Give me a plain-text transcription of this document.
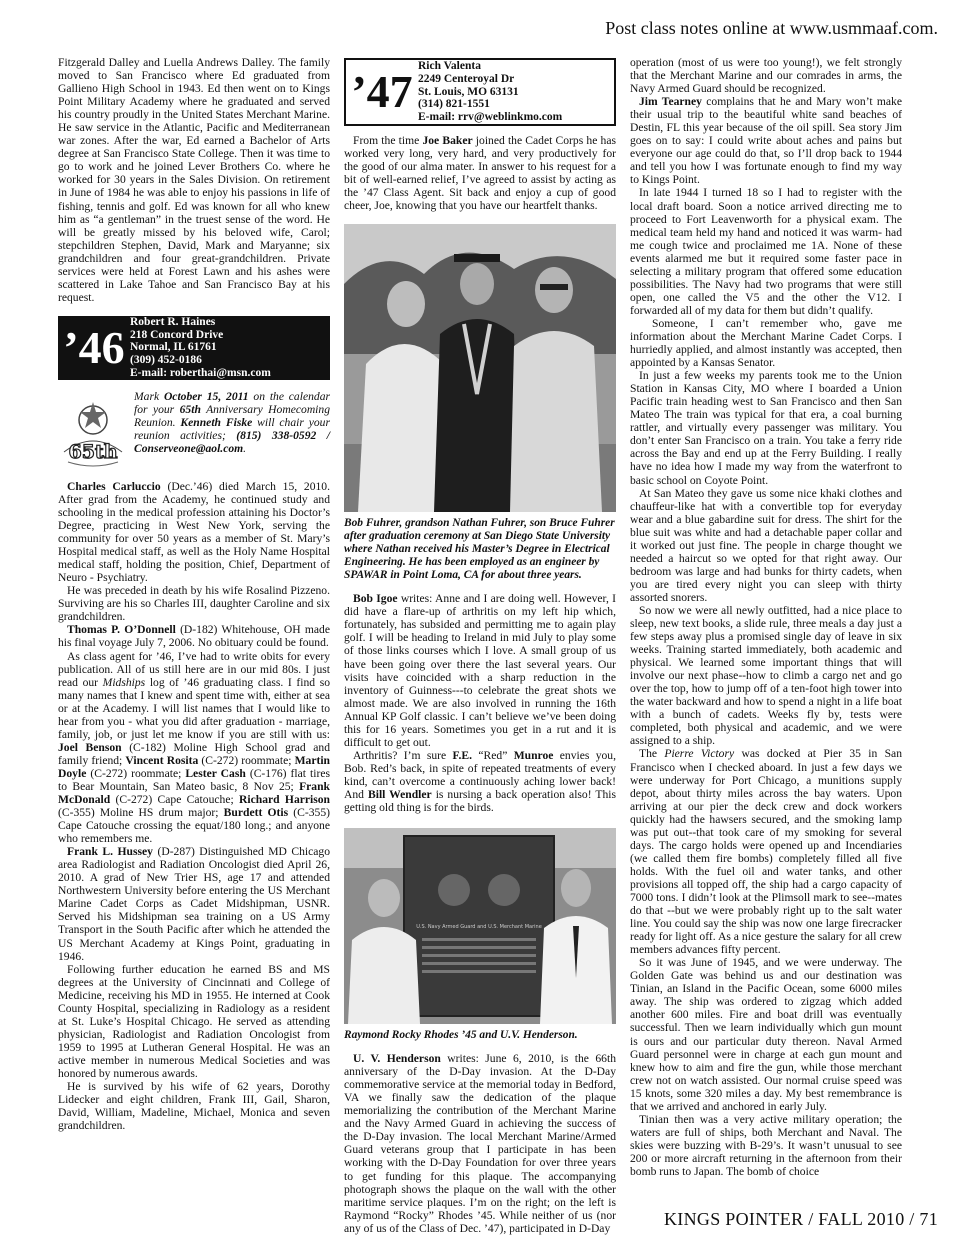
Post class notes online at www.usmmaaf.com.

Fitzgerald Dalley and Luella Andrews Dalley. The family moved to San Francisco where Ed graduated from Gallieno High School in 1943. Ed then went on to Kings Point Military Academy where he graduated and served his country proudly in the United States Merchant Marine. He saw service in the Atlantic, Pacific and Mediterranean war zones. After the war, Ed earned a Bachelor of Arts degree at San Francisco State College. Then it was time to go to work and he joined Lever Brothers Co. where he worked for 30 years in the Sales Division. On retirement in June of 1984 he was able to enjoy his passions in life of fishing, tennis and golf. Ed was known for all who knew him as “a gentleman” in the truest sense of the word. He will be greatly missed by his beloved wife, Carol; stepchildren Stephen, David, Mark and Maryanne; six grandchildren and four great-grandchildren. Private services were held at Forest Lawn and his ashes were scattered in Lake Tahoe and San Francisco Bay at his request.

’46 Robert R. Haines
218 Concord Drive
Normal, IL 61761
(309) 452-0186
E-mail: roberthai@msn.com
65th
Mark October 15, 2011 on the calendar for your 65th Anniversary Homecoming Reunion. Kenneth Fiske will chair your reunion activities; (815) 338-0592 / Conserveone@aol.com.

Charles Carluccio (Dec.’46) died March 15, 2010. After grad from the Academy, he continued study and schooling in the medical profession attaining his Doctor’s Degree, practicing in West New York, serving the community for over 50 years as a member of St. Mary’s Hospital medical staff, as well as the Holy Name Hospital medical staff, holding the position, Chief, Department of Neuro - Psychiatry.

He was preceded in death by his wife Rosalind Pizzeno. Surviving are his so Charles III, daughter Caroline and six grandchildren.

Thomas P. O’Donnell (D-182) Whitehouse, OH made his final voyage July 7, 2006. No obituary could be found.

As class agent for ’46, I’ve had to write obits for every publication. All of us still here are in our mid 80s. I just read our Midships log of ’46 graduating class. I find so many names that I knew and spent time with, either at sea or at the Academy. I will list names that I would like to hear from you - what you did after graduation - marriage, family, job, or just let me know if you are still with us: Joel Benson (C-182) Moline High School grad and family friend; Vincent Rosita (C-272) roommate; Martin Doyle (C-272) roommate; Lester Cash (C-176) flat tires to Bear Mountain, San Mateo basic, 8 Nov 25; Frank McDonald (C-272) Cape Catouche; Richard Harrison (C-355) Moline HS drum major; Burdett Otis (C-355) Cape Catouche crossing the equat/180 long.; and anyone who remembers me.

Frank L. Hussey (D-287) Distinguished MD Chicago area Radiologist and Radiation Oncologist died April 26, 2010. A grad of New Trier HS, age 17 and attended Northwestern University before entering the US Merchant Marine Cadet Corps as Cadet Midshipman, USNR. Served his Midshipman sea training on a US Army Transport in the South Pacific after which he attended the US Merchant Academy at Kings Point, graduating in 1946.

Following further education he earned BS and MS degrees at the University of Cincinnati and College of Medicine, receiving his MD in 1955. He interned at Cook County Hospital, specializing in Radiology as a resident at St. Luke’s Hospital Chicago. He served as attending physician, Radiologist and Radiation Oncologist from 1959 to 1995 at Lutheran General Hospital. He was an active member in numerous Medical Societies and was honored by numerous awards.

He is survived by his wife of 62 years, Dorothy Lidecker and eight children, Frank III, Gail, Sharon, David, William, Madeline, Michael, Monica and seven grandchildren.

’47 Rich Valenta
2249 Centeroyal Dr
St. Louis, MO 63131
(314) 821-1551
E-mail: rrv@weblinkmo.com

From the time Joe Baker joined the Cadet Corps he has worked very long, very hard, and very productively for the good of our alma mater. In answer to his request for a bit of well-earned relief, I’ve agreed to assist by acting as the ’47 Class Agent. Sit back and enjoy a cup of good cheer, Joe, knowing that you have our heartfelt thanks.

Bob Fuhrer, grandson Nathan Fuhrer, son Bruce Fuhrer after graduation ceremony at San Diego State University where Nathan received his Master’s Degree in Electrical Engineering. He has been employed as an engineer by SPAWAR in Point Loma, CA for about three years.

Bob Igoe writes: Anne and I are doing well. However, I did have a flare-up of arthritis on my left hip which, fortunately, has subsided and permitting me to again play golf. I will be heading to Ireland in mid July to play some of those links courses which I love. A small group of us have been going over there the last several years. Our visits have coincided with a sharp reduction in the inventory of Guinness---to celebrate the great shots we almost made. We are also involved in running the 16th Annual KP Golf classic. I can’t believe we’ve been doing this for 16 years. Sometimes you get in a rut and it is difficult to get out.

Arthritis? I’m sure F.E. “Red” Munroe envies you, Bob. Red’s back, in spite of repeated treatments of every kind, can’t overcome a continuously aching lower back! And Bill Wendler is nursing a back operation also! This getting old thing is for the birds.

U.S. Navy Armed Guard and U.S. Merchant Marine
Raymond Rocky Rhodes ’45 and U.V. Henderson.

U. V. Henderson writes: June 6, 2010, is the 66th anniversary of the D-Day invasion. At the D-Day commemorative service at the memorial today in Bedford, VA we finally saw the dedication of the plaque memorializing the contribution of the Merchant Marine and the Navy Armed Guard in achieving the success of the D-Day invasion. The local Merchant Marine/Armed Guard veterans group that I participate in has been working with the D-Day Foundation for over three years to get funding for this plaque. The accompanying photograph shows the plaque on the wall with the other maritime service plaques. I’m on the right; on the left is Raymond “Rocky” Rhodes ’45. While neither of us (nor any of us of the Class of Dec. ’47), participated in D-Day

operation (most of us were too young!), we felt strongly that the Merchant Marine and our comrades in arms, the Navy Armed Guard should be recognized.

Jim Tearney complains that he and Mary won’t make their usual trip to the beautiful white sand beaches of Destin, FL this year because of the oil spill. Sea story Jim goes on to say: I could write about aches and pains but everyone our age could do that, so I’ll drop back to 1944 and tell you how I was fortunate enough to find my way to Kings Point.

In late 1944 I turned 18 so I had to register with the local draft board. Soon a notice arrived directing me to proceed to Fort Leavenworth for a physical exam. The medical team held my hand and noticed it was warm- had me cough twice and proclaimed me 1A. None of these events alarmed me but it required some faster pace in selecting a military program that offered some education possibilities. The Navy had two programs that were still open, one called the V5 and the other the V12. I forwarded all of my data for them but didn’t qualify.

Someone, I can’t remember who, gave me information about the Merchant Marine Cadet Corps. I hurriedly applied, and almost instantly was accepted, then appointed by a Kansas Senator.

In just a few weeks my parents took me to the Union Station in Kansas City, MO where I boarded a Union Pacific train heading west to San Francisco and then San Mateo The train was typical for that era, a coal burning rattler, and virtually every passenger was military. You don’t enter San Francisco on a train. You take a ferry ride across the Bay and end up at the Ferry Building. I really have no idea how I made my way from the waterfront to basic school on Coyote Point.

At San Mateo they gave us some nice khaki clothes and chauffeur-like hat with a convertible top for everyday wear and a blue gabardine suit for dress. The shirt for the blue suit was white and had a detachable paper collar and it worked out just fine. The people in charge thought we needed a haircut so we opted for that right away. Our bedroom was large and had bunks for thirty cadets, when you are tired every night you can sleep with thirty assorted snorers.

So now we were all newly outfitted, had a nice place to sleep, new text books, a slide rule, three meals a day just a few steps away plus a promised single day of leave in six weeks. Training started immediately, both academic and physical. We learned some important things that will involve our next phase--how to climb a cargo net and go over the top, how to jump off of a ten-foot high tower into the water backward and how to spend a night in a life boat with a bunch of cadets. Weeks fly by, tests were completed, both physical and academic, and we were assigned to a ship.

The Pierre Victory was docked at Pier 35 in San Francisco when I checked aboard. In just a few days we were underway for Port Chicago, a munitions supply depot, about thirty miles across the bay waters. Upon arriving at our pier the deck crew and dock workers quickly had the hawsers secured, and the smoking lamp was put out--that took care of my smoking for several days. The cargo holds were opened up and Incendiaries (we called them fire bombs) completely filled all five holds. With the fuel oil and water tanks, and other provisions all topped off, the ship had a cargo capacity of 7000 tons. I didn’t look at the Plimsoll mark to see--mates do that --but we were probably right up to the salt water line. You could say the ship was now one large firecracker ready for light off. As a nice gesture the salary for all crew members advances fifty percent.

So it was June of 1945, and we were underway. The Golden Gate was behind us and our destination was Tinian, an Island in the Pacific Ocean, some 6000 miles away. The ship was ordered to zigzag which added another 600 miles. Fire and boat drill was eventually successful. Then we learn individually which gun mount is ours and our particular duty thereon. Naval Armed Guard personnel were in charge at each gun mount and knew how to aim and fire the gun, while those merchant crew not on watch assisted. Our normal cruise speed was 15 knots, some 320 miles a day. My best remembrance is that we arrived and anchored in early July.

Tinian then was a very active military operation; the waters are full of ships, both Merchant and Naval. The skies were buzzing with B-29’s. It wasn’t unusual to see 200 or more aircraft returning in the afternoon from their bomb runs to Japan. The bomb of choice

KINGS POINTER / FALL 2010 / 71
